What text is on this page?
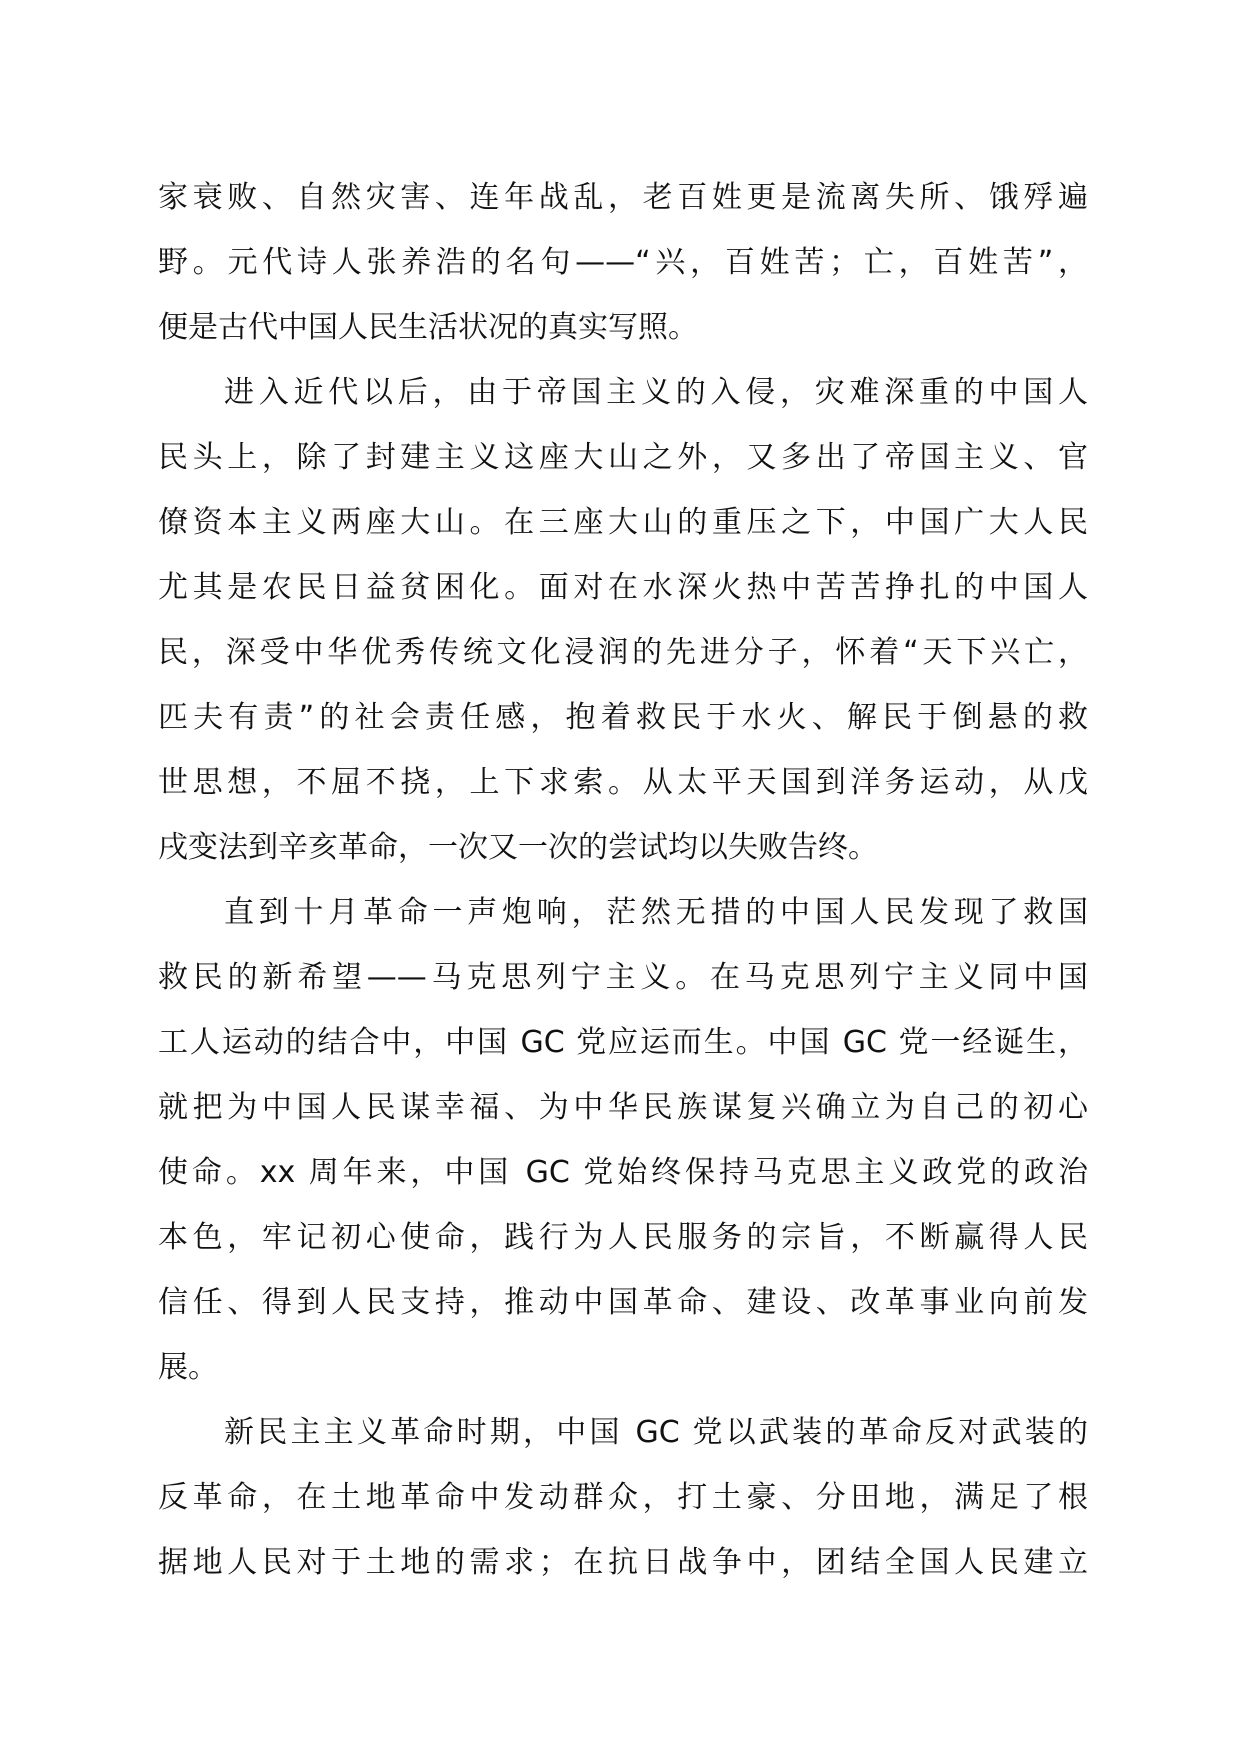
家衰败、自然灾害、连年战乱，老百姓更是流离失所、饿殍遍
野。元代诗人张养浩的名句——“兴，百姓苦；亡，百姓苦”，
便是古代中国人民生活状况的真实写照。
进入近代以后，由于帝国主义的入侵，灾难深重的中国人
民头上，除了封建主义这座大山之外，又多出了帝国主义、官
僚资本主义两座大山。在三座大山的重压之下，中国广大人民
尤其是农民日益贫困化。面对在水深火热中苦苦挣扎的中国人
民，深受中华优秀传统文化浸润的先进分子，怀着“天下兴亡，
匹夫有责”的社会责任感，抱着救民于水火、解民于倒悬的救
世思想，不屈不挠，上下求索。从太平天国到洋务运动，从戊
戌变法到辛亥革命，一次又一次的尝试均以失败告终。
直到十月革命一声炮响，茫然无措的中国人民发现了救国
救民的新希望——马克思列宁主义。在马克思列宁主义同中国
工人运动的结合中，中国 GC 党应运而生。中国 GC 党一经诞生，
就把为中国人民谋幸福、为中华民族谋复兴确立为自己的初心
使命。xx 周年来，中国 GC 党始终保持马克思主义政党的政治
本色，牢记初心使命，践行为人民服务的宗旨，不断赢得人民
信任、得到人民支持，推动中国革命、建设、改革事业向前发
展。
新民主主义革命时期，中国 GC 党以武装的革命反对武装的
反革命，在土地革命中发动群众，打土豪、分田地，满足了根
据地人民对于土地的需求；在抗日战争中，团结全国人民建立
